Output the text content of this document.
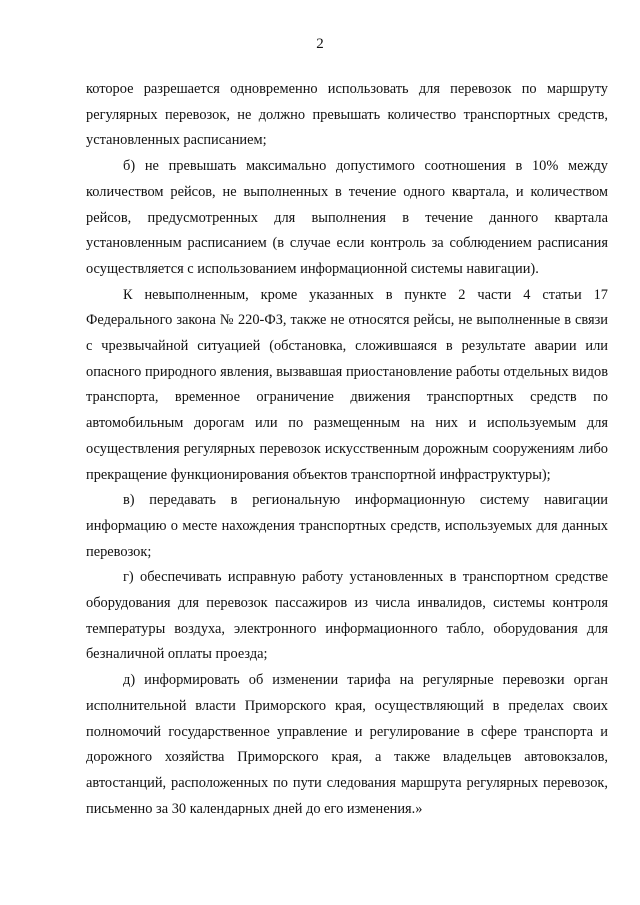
2

которое разрешается одновременно использовать для перевозок по маршруту регулярных перевозок, не должно превышать количество транспортных средств, установленных расписанием;

б) не превышать максимально допустимого соотношения в 10% между количеством рейсов, не выполненных в течение одного квартала, и количеством рейсов, предусмотренных для выполнения в течение данного квартала установленным расписанием (в случае если контроль за соблюдением расписания осуществляется с использованием информационной системы навигации).

К невыполненным, кроме указанных в пункте 2 части 4 статьи 17 Федерального закона № 220-ФЗ, также не относятся рейсы, не выполненные в связи с чрезвычайной ситуацией (обстановка, сложившаяся в результате аварии или опасного природного явления, вызвавшая приостановление работы отдельных видов транспорта, временное ограничение движения транспортных средств по автомобильным дорогам или по размещенным на них и используемым для осуществления регулярных перевозок искусственным дорожным сооружениям либо прекращение функционирования объектов транспортной инфраструктуры);

в) передавать в региональную информационную систему навигации информацию о месте нахождения транспортных средств, используемых для данных перевозок;

г) обеспечивать исправную работу установленных в транспортном средстве оборудования для перевозок пассажиров из числа инвалидов, системы контроля температуры воздуха, электронного информационного табло, оборудования для безналичной оплаты проезда;

д) информировать об изменении тарифа на регулярные перевозки орган исполнительной власти Приморского края, осуществляющий в пределах своих полномочий государственное управление и регулирование в сфере транспорта и дорожного хозяйства Приморского края, а также владельцев автовокзалов, автостанций, расположенных по пути следования маршрута регулярных перевозок, письменно за 30 календарных дней до его изменения.»
